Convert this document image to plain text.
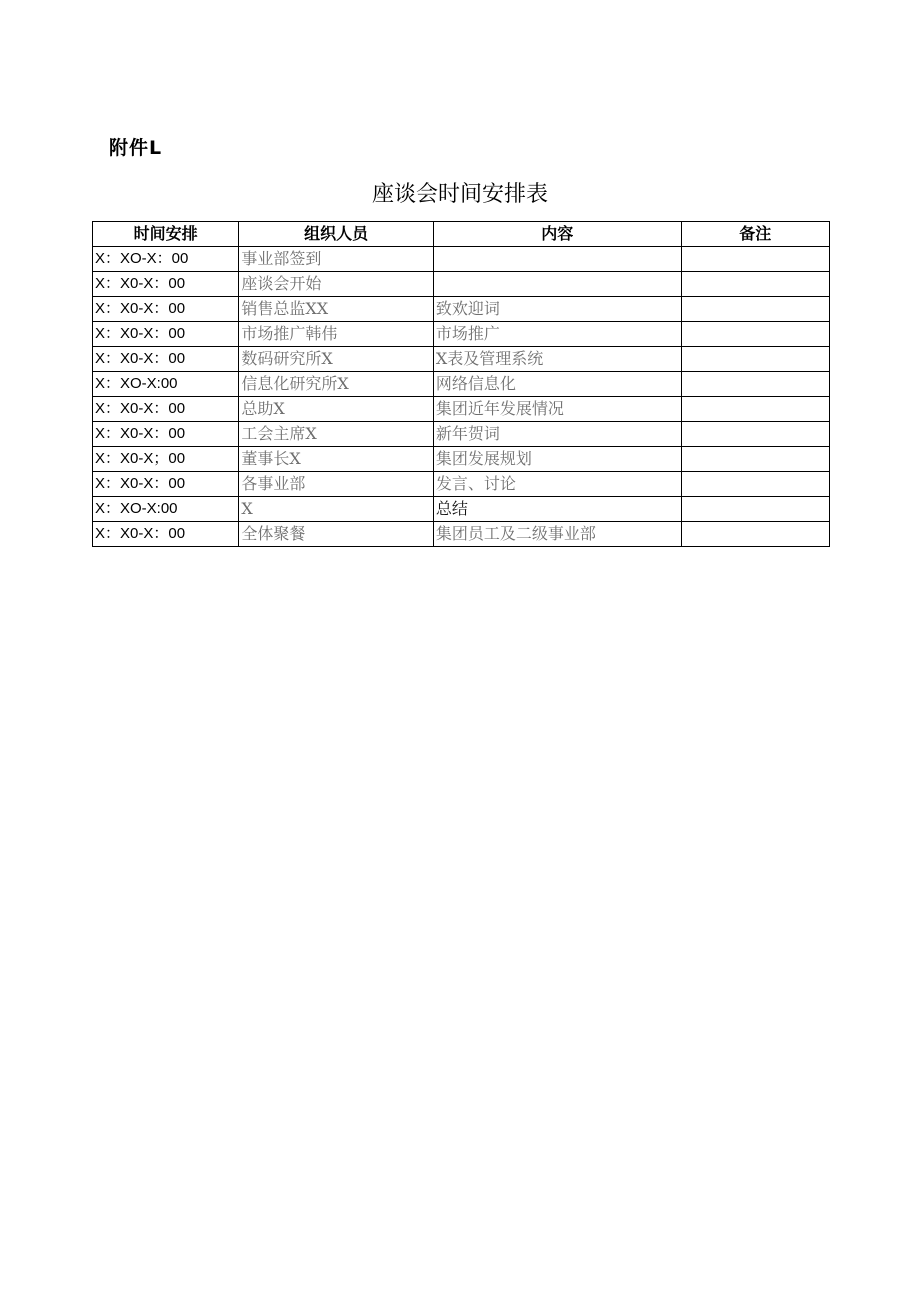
附件L
座谈会时间安排表
时间安排	组织人员	内容	备注
X：XO-X：00	事业部签到		
X：X0-X：00	座谈会开始		
X：X0-X：00	销售总监XX	致欢迎词	
X：X0-X：00	市场推广韩伟	市场推广	
X：X0-X：00	数码研究所X	X表及管理系统	
X：XO-X:00	信息化研究所X	网络信息化	
X：X0-X：00	总助X	集团近年发展情况	
X：X0-X：00	工会主席X	新年贺词	
X：X0-X；00	董事长X	集团发展规划	
X：X0-X：00	各事业部	发言、讨论	
X：XO-X:00	X	总结	
X：X0-X：00	全体聚餐	集团员工及二级事业部	
